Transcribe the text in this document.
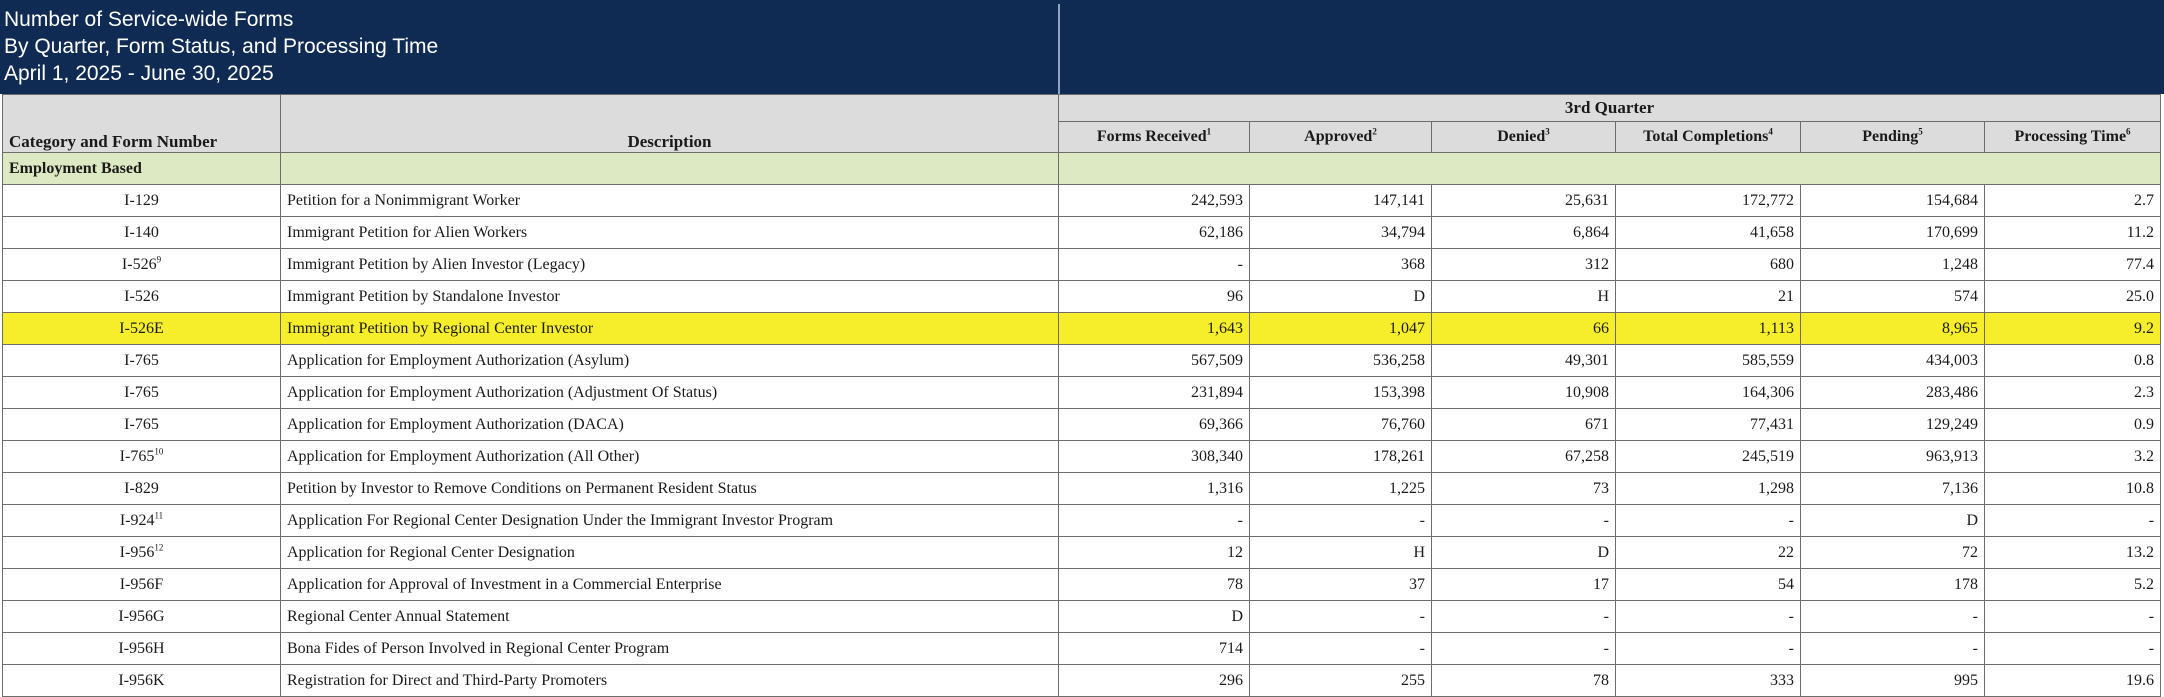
Number of Service-wide Forms
By Quarter, Form Status, and Processing Time
April 1, 2025 - June 30, 2025
Category and Form Number	Description	3rd Quarter					
		Forms Received$^1$	Approved$^2$	Denied$^3$	Total Completions$^4$	Pending$^5$	Processing Time$^6$
Employment Based							
I-129	Petition for a Nonimmigrant Worker	242,593	147,141	25,631	172,772	154,684	2.7
I-140	Immigrant Petition for Alien Workers	62,186	34,794	6,864	41,658	170,699	11.2
$I-526^9$	Immigrant Petition by Alien Investor (Legacy)	-	368	312	680	1,248	77.4
I-526	Immigrant Petition by Standalone Investor	96	D	H	21	574	25.0
I-526E	Immigrant Petition by Regional Center Investor	1,643	1,047	66	1,113	8,965	9.2
I-765	Application for Employment Authorization (Asylum)	567,509	536,258	49,301	585,559	434,003	0.8
I-765	Application for Employment Authorization (Adjustment Of Status)	231,894	153,398	10,908	164,306	283,486	2.3
I-765	Application for Employment Authorization (DACA)	69,366	76,760	671	77,431	129,249	0.9
$I-765^{10}$	Application for Employment Authorization (All Other)	308,340	178,261	67,258	245,519	963,913	3.2
I-829	Petition by Investor to Remove Conditions on Permanent Resident Status	1,316	1,225	73	1,298	7,136	10.8
$I-924^{11}$	Application For Regional Center Designation Under the Immigrant Investor Program	-	-	-	-	D	-
$I-956^{12}$	Application for Regional Center Designation	12	H	D	22	72	13.2
I-956F	Application for Approval of Investment in a Commercial Enterprise	78	37	17	54	178	5.2
I-956G	Regional Center Annual Statement	D	-	-	-	-	-
I-956H	Bona Fides of Person Involved in Regional Center Program	714	-	-	-	-	-
I-956K	Registration for Direct and Third-Party Promoters	296	255	78	333	995	19.6
